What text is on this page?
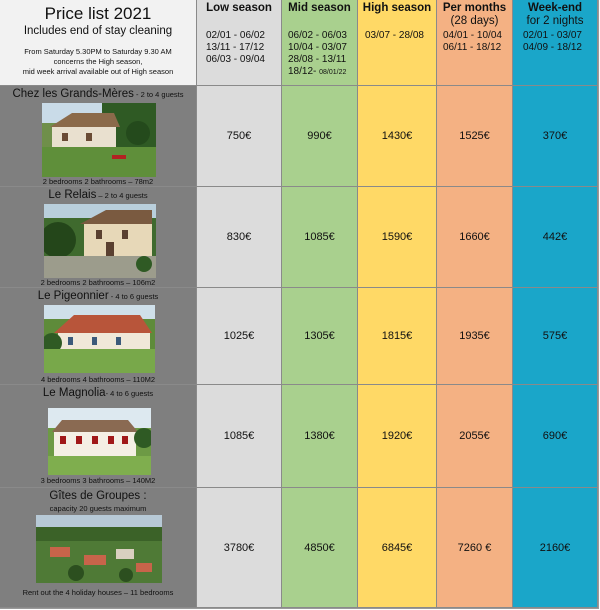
Price list 2021
Includes end of stay cleaning
From Saturday 5.30PM to Saturday 9.30 AM
concerns the High season,
mid week arrival available out of High season
Low season
02/01 - 06/02
13/11 - 17/12
06/03 - 09/04
Mid season
06/02 - 06/03
10/04 - 03/07
28/08 - 13/11
18/12- 08/01/22
High season
03/07 - 28/08
Per months
(28 days)
04/01 - 10/04
06/11 - 18/12
Week-end
for 2 nights
02/01 - 03/07
04/09 - 18/12
Chez les Grands-Mères - 2 to 4 guests
2 bedrooms 2 bathrooms – 78m2
750€	990€	1430€	1525€	370€
Le Relais – 2 to 4 guests
2 bedrooms 2 bathrooms – 106m2
830€	1085€	1590€	1660€	442€
Le Pigeonnier - 4 to 6 guests
4 bedrooms 4 bathrooms – 110M2
1025€	1305€	1815€	1935€	575€
Le Magnolia- 4 to 6 guests
3 bedrooms 3 bathrooms – 140M2
1085€	1380€	1920€	2055€	690€
Gîtes de Groupes :
capacity 20 guests maximum
Rent out the 4 holiday houses – 11 bedrooms
3780€	4850€	6845€	7260 €	2160€
